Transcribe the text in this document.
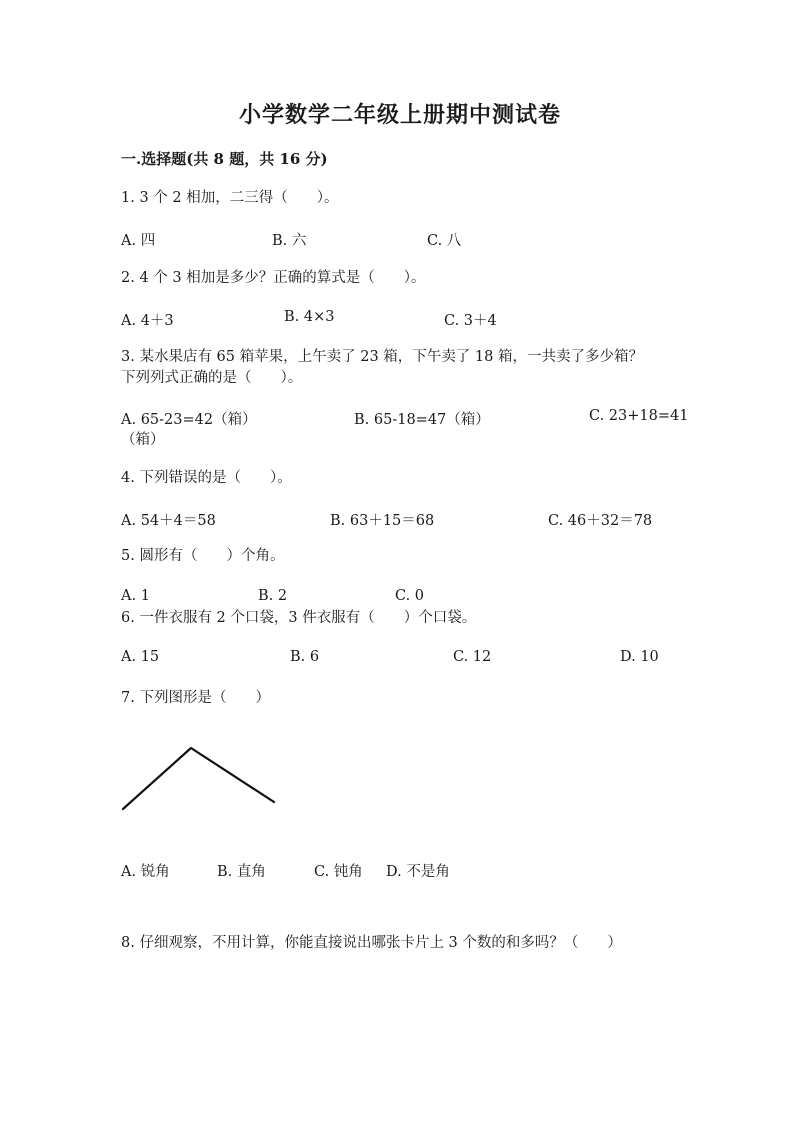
小学数学二年级上册期中测试卷
一.选择题(共 8 题，共 16 分)
1. 3 个 2 相加，二三得（　　）。
A. 四	B. 六	C. 八
2. 4 个 3 相加是多少？正确的算式是（　　）。
A. 4＋3	B. 4×3	C. 3＋4
3. 某水果店有 65 箱苹果，上午卖了 23 箱，下午卖了 18 箱，一共卖了多少箱？
下列列式正确的是（　　）。
A. 65-23=42（箱）	B. 65-18=47（箱）	C. 23+18=41
（箱）
4. 下列错误的是（　　）。
A. 54＋4＝58	B. 63＋15＝68	C. 46＋32＝78
5. 圆形有（　　）个角。
A. 1	B. 2	C. 0
6. 一件衣服有 2 个口袋，3 件衣服有（　　）个口袋。
A. 15	B. 6	C. 12	D. 10
7. 下列图形是（　　）
A. 锐角	B. 直角	C. 钝角 D. 不是角
8. 仔细观察，不用计算，你能直接说出哪张卡片上 3 个数的和多吗？（　　）
